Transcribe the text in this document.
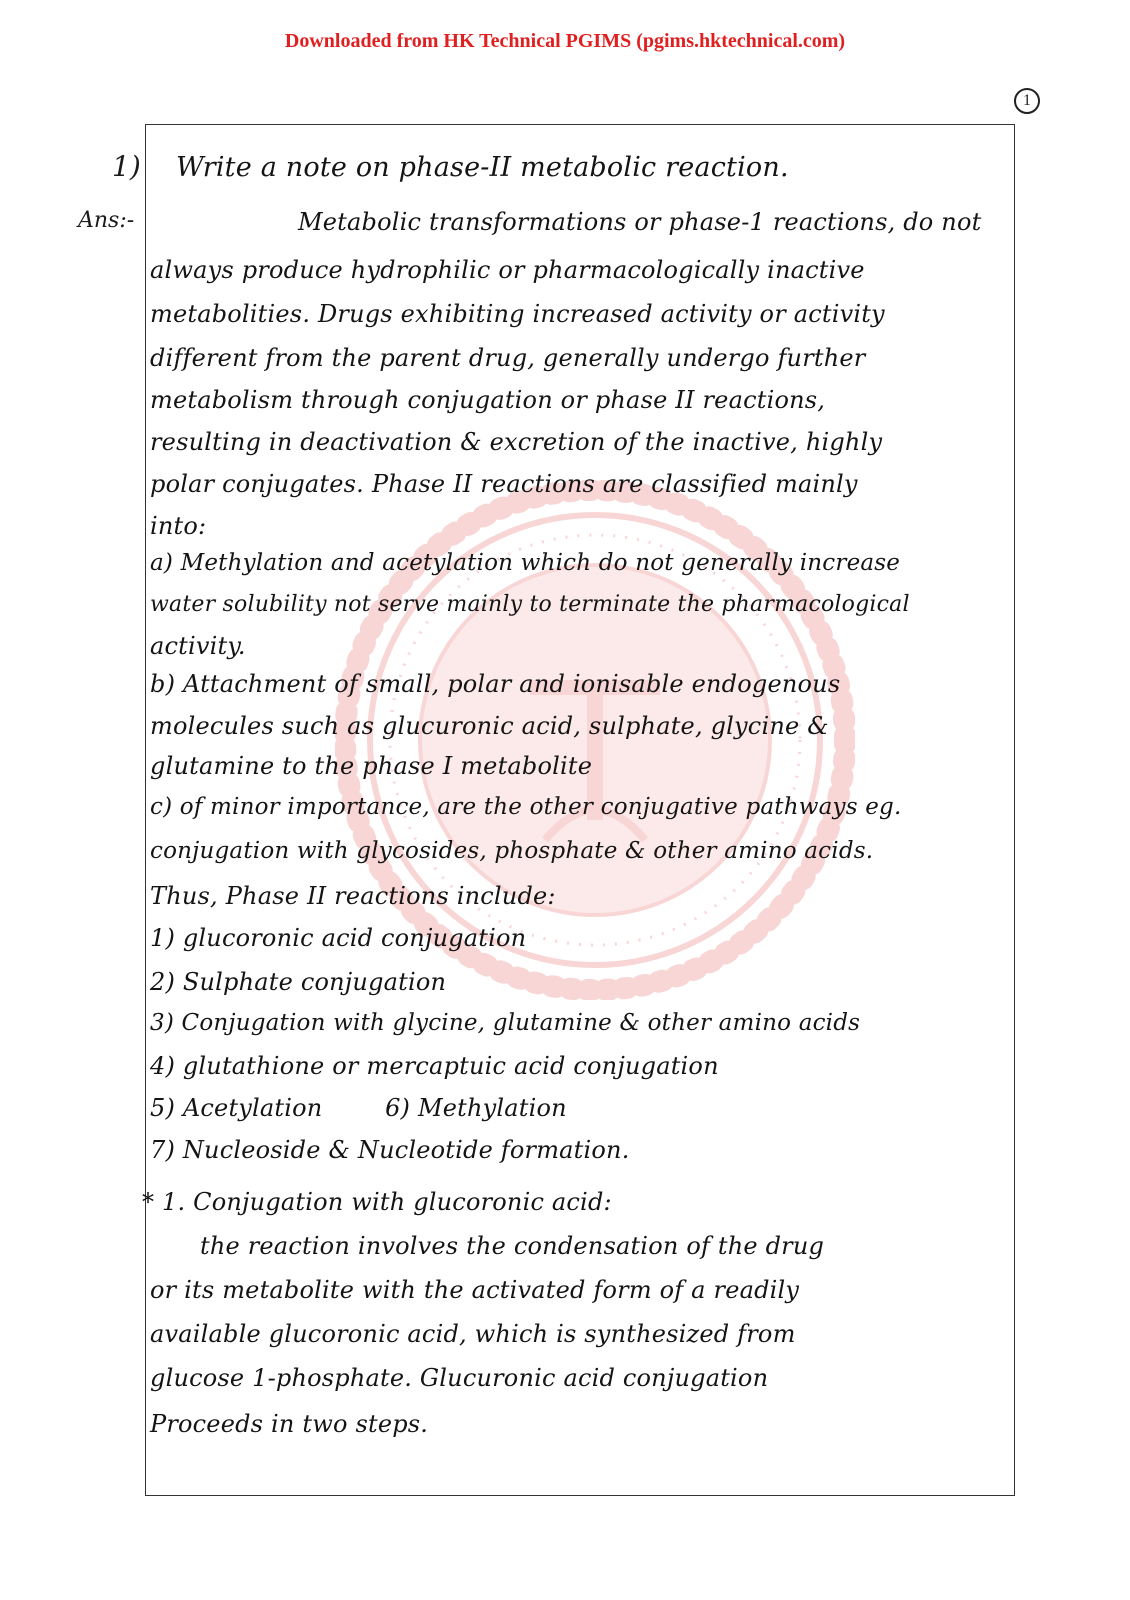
Downloaded from HK Technical PGIMS (pgims.hktechnical.com)
1
1) Write a note on phase-II metabolic reaction.
Ans:-	Metabolic transformations or phase-1 reactions, do not
always produce hydrophilic or pharmacologically inactive
metabolities. Drugs exhibiting increased activity or activity
different from the parent drug, generally undergo further
metabolism through conjugation or phase II reactions,
resulting in deactivation & excretion of the inactive, highly
polar conjugates. Phase II reactions are classified mainly
into:
a) Methylation and acetylation which do not generally increase
water solubility not serve mainly to terminate the pharmacological
activity.
b) Attachment of small, polar and ionisable endogenous
molecules such as glucuronic acid, sulphate, glycine &
glutamine to the phase I metabolite
c) of minor importance, are the other conjugative pathways eg.
conjugation with glycosides, phosphate & other amino acids.
Thus, Phase II reactions include:
1) glucoronic acid conjugation
2) Sulphate conjugation
3) Conjugation with glycine, glutamine & other amino acids
4) glutathione or mercaptuic acid conjugation
5) Acetylation        6) Methylation
7) Nucleoside & Nucleotide formation.
* 1. Conjugation with glucoronic acid:
the reaction involves the condensation of the drug
or its metabolite with the activated form of a readily
available glucoronic acid, which is synthesized from
glucose 1-phosphate. Glucuronic acid conjugation
Proceeds in two steps.
